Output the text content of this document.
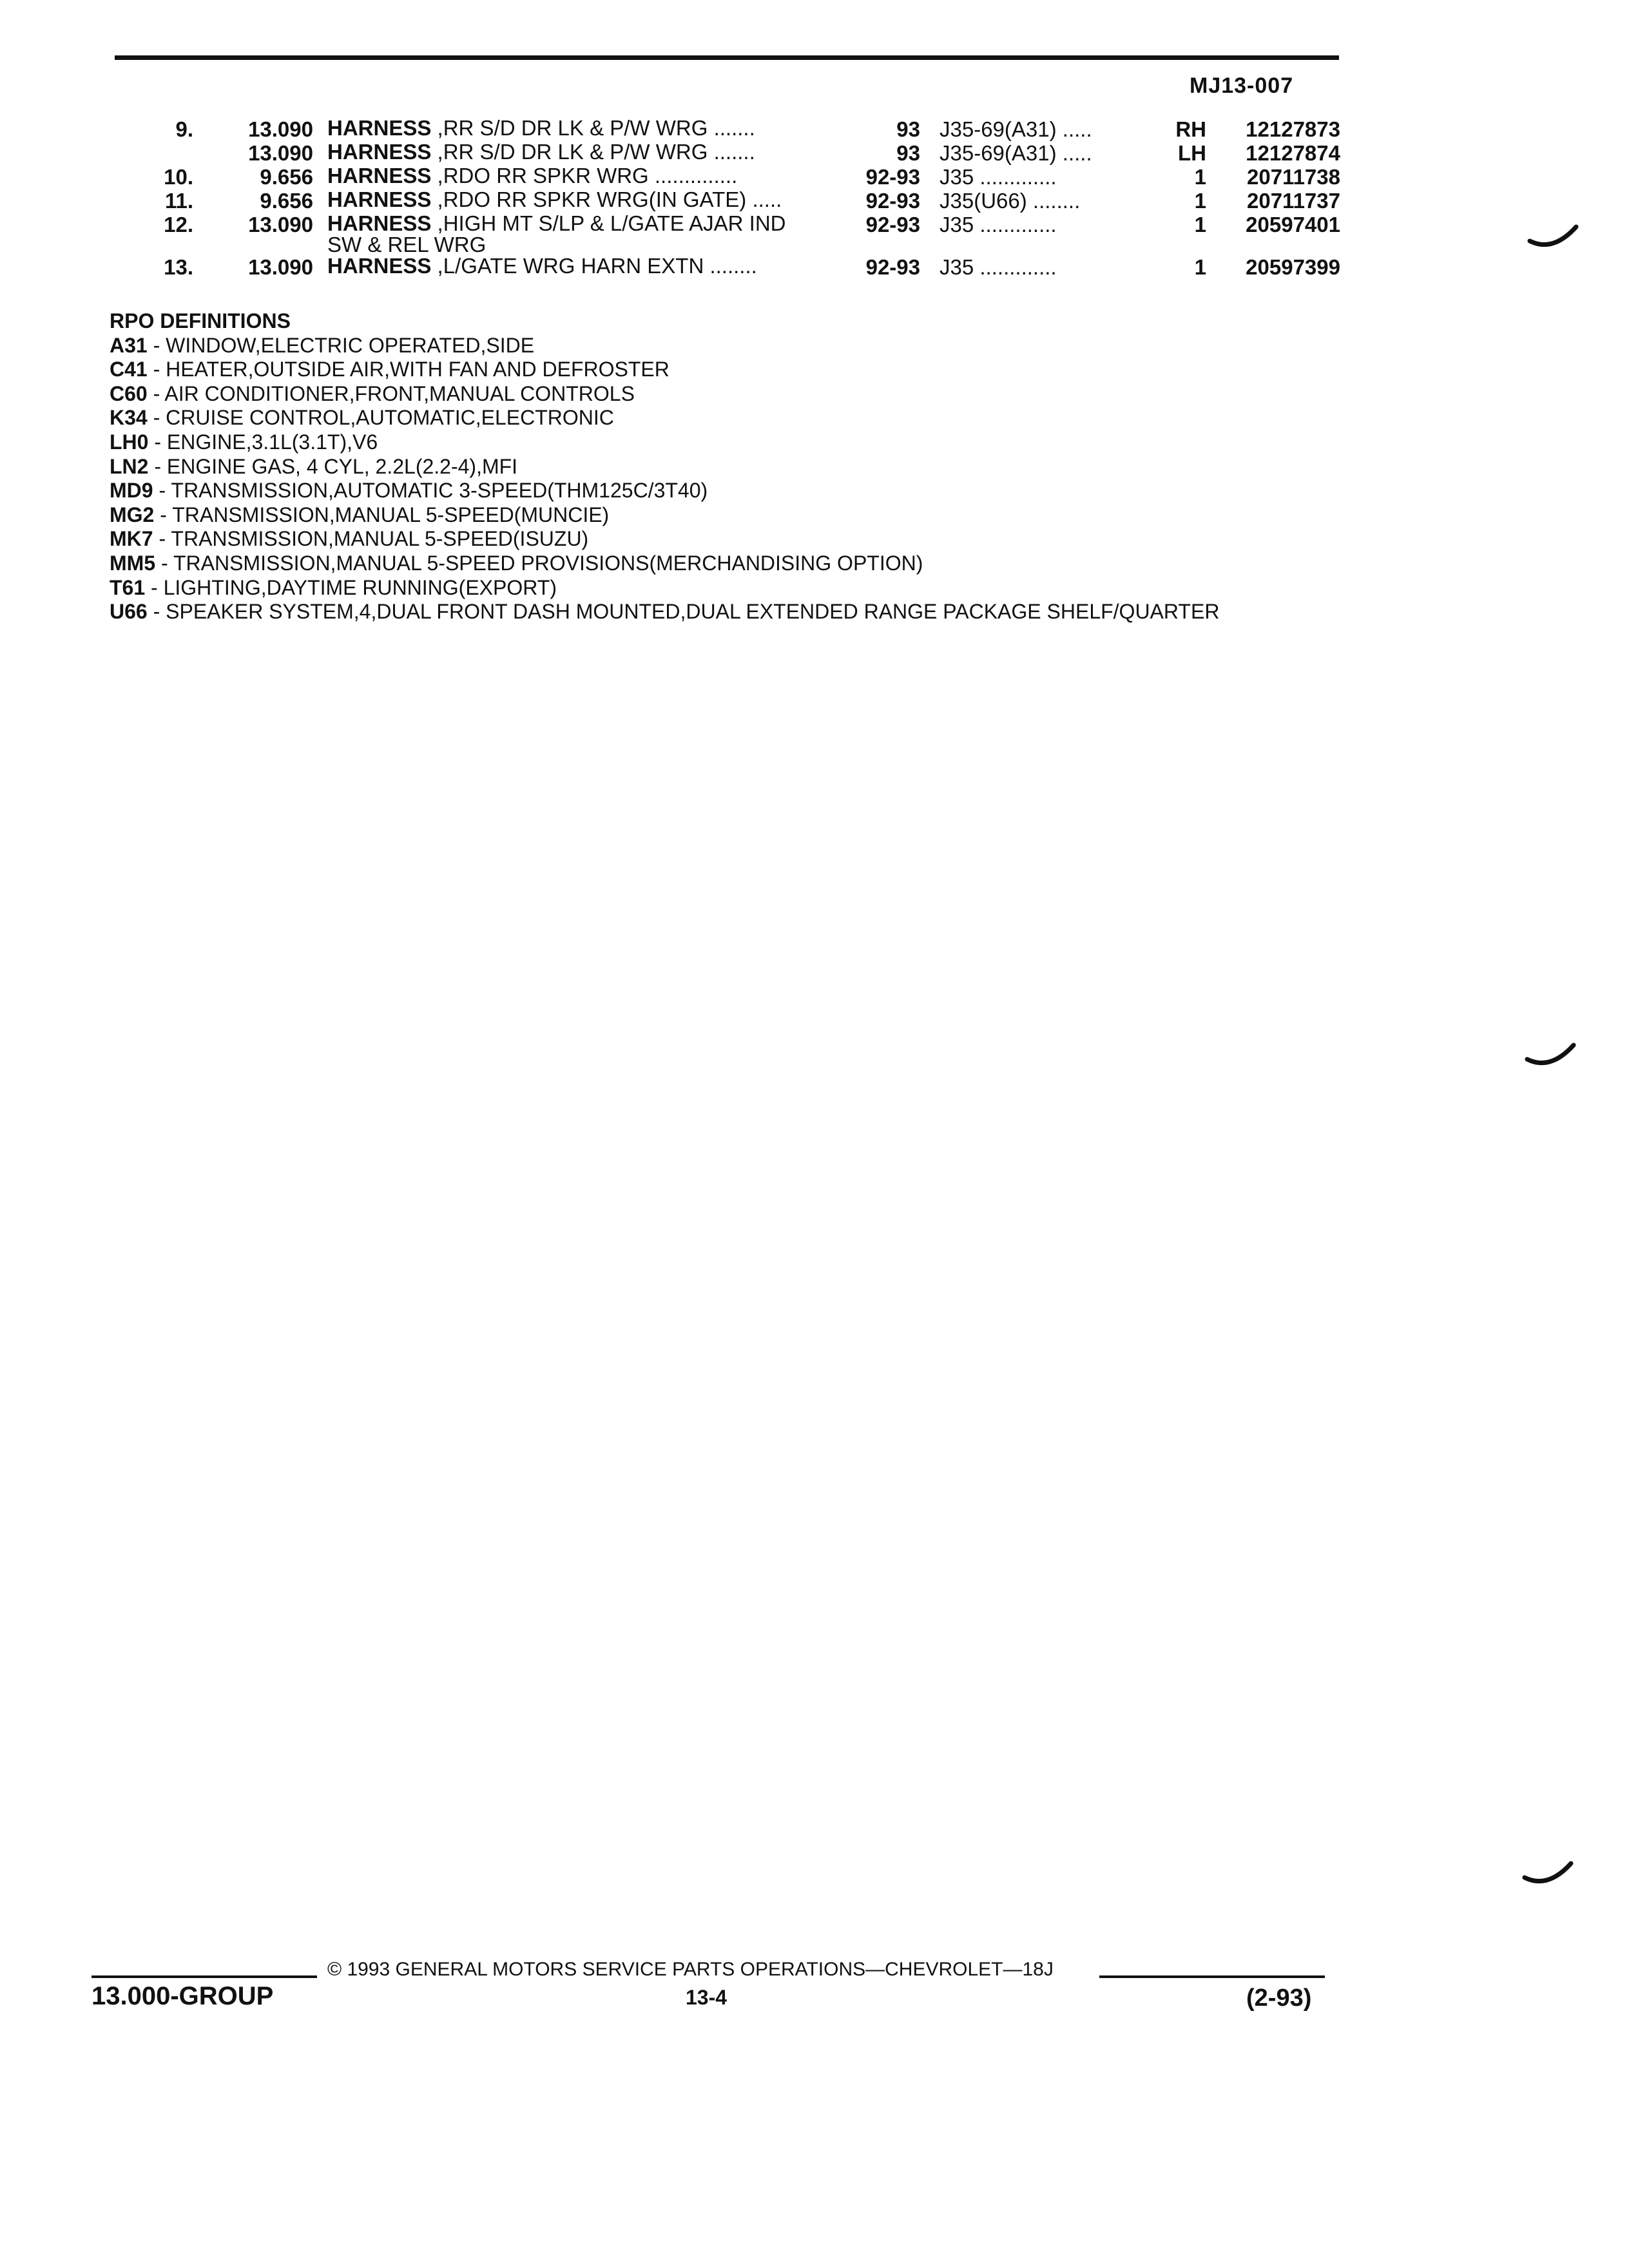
MJ13-007
9.	13.090 HARNESS ,RR S/D DR LK & P/W WRG .......	93 J35-69(A31) .....	RH	12127873
13.090 HARNESS ,RR S/D DR LK & P/W WRG .......	93 J35-69(A31) .....	LH	12127874
10.	9.656 HARNESS ,RDO RR SPKR WRG ..............	92-93 J35 .............	1	20711738
11.	9.656 HARNESS ,RDO RR SPKR WRG(IN GATE) .....	92-93 J35(U66) ........	1	20711737
12.	13.090 HARNESS ,HIGH MT S/LP & L/GATE AJAR IND
SW & REL WRG
92-93 J35 .............	1	20597401
13.	13.090 HARNESS ,L/GATE WRG HARN EXTN ........	92-93 J35 .............	1	20597399
RPO DEFINITIONS
A31 - WINDOW,ELECTRIC OPERATED,SIDE
C41 - HEATER,OUTSIDE AIR,WITH FAN AND DEFROSTER
C60 - AIR CONDITIONER,FRONT,MANUAL CONTROLS
K34 - CRUISE CONTROL,AUTOMATIC,ELECTRONIC
LH0 - ENGINE,3.1L(3.1T),V6
LN2 - ENGINE GAS, 4 CYL, 2.2L(2.2-4),MFI
MD9 - TRANSMISSION,AUTOMATIC 3-SPEED(THM125C/3T40)
MG2 - TRANSMISSION,MANUAL 5-SPEED(MUNCIE)
MK7 - TRANSMISSION,MANUAL 5-SPEED(ISUZU)
MM5 - TRANSMISSION,MANUAL 5-SPEED PROVISIONS(MERCHANDISING OPTION)
T61 - LIGHTING,DAYTIME RUNNING(EXPORT)
U66 - SPEAKER SYSTEM,4,DUAL FRONT DASH MOUNTED,DUAL EXTENDED RANGE PACKAGE SHELF/QUARTER
© 1993 GENERAL MOTORS SERVICE PARTS OPERATIONS—CHEVROLET—18J
13.000-GROUP	13-4	(2-93)
